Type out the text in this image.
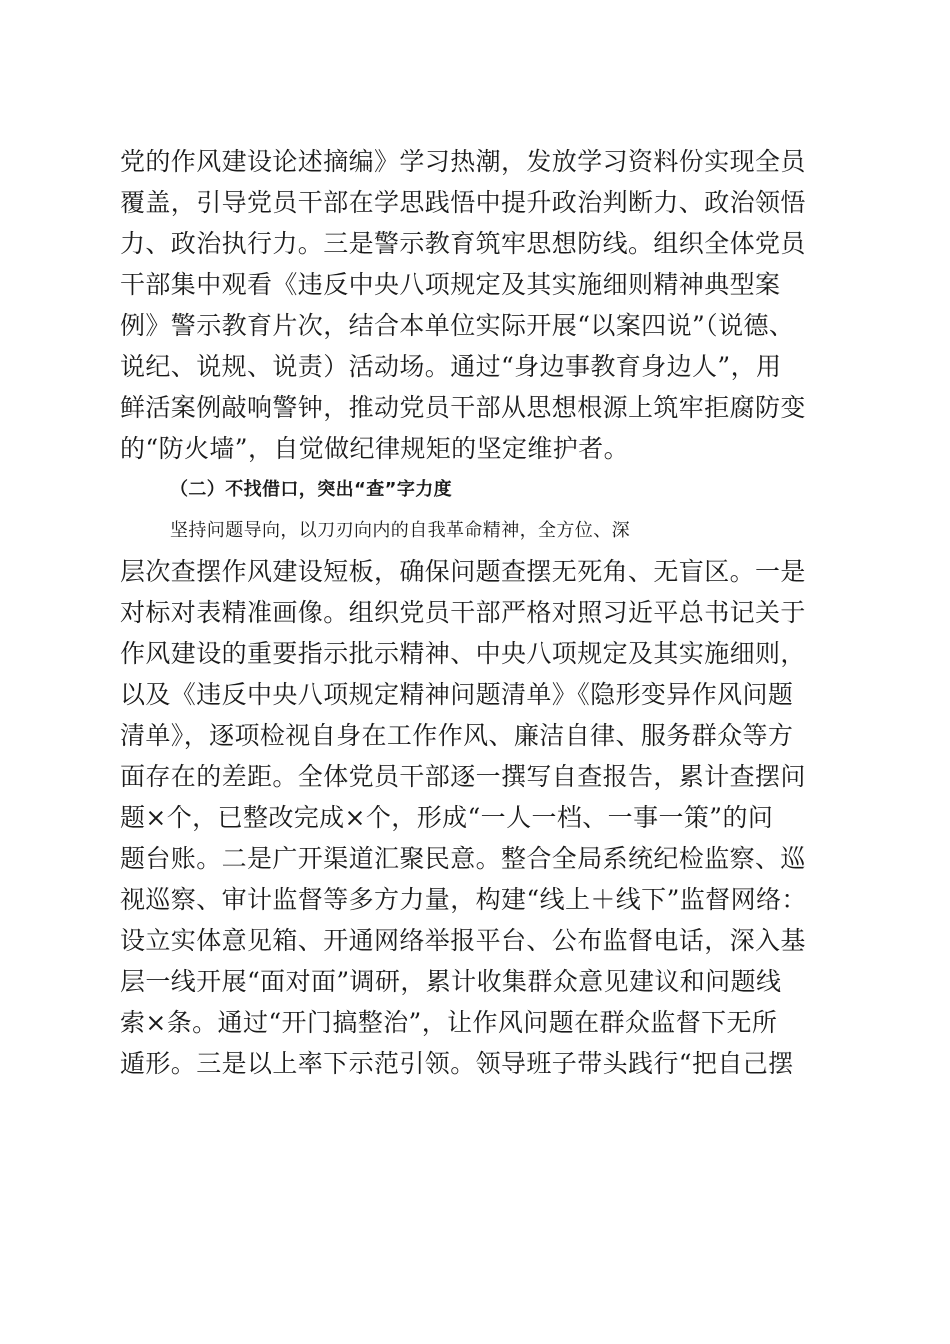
党的作风建设论述摘编》学习热潮，发放学习资料份实现全员
覆盖，引导党员干部在学思践悟中提升政治判断力、政治领悟
力、政治执行力。三是警示教育筑牢思想防线。组织全体党员
干部集中观看《违反中央八项规定及其实施细则精神典型案
例》警示教育片次，结合本单位实际开展“以案四说”（说德、
说纪、说规、说责）活动场。通过“身边事教育身边人”，用
鲜活案例敲响警钟，推动党员干部从思想根源上筑牢拒腐防变
的“防火墙”，自觉做纪律规矩的坚定维护者。
（二）不找借口，突出“查”字力度
坚持问题导向，以刀刃向内的自我革命精神，全方位、深
层次查摆作风建设短板，确保问题查摆无死角、无盲区。一是
对标对表精准画像。组织党员干部严格对照习近平总书记关于
作风建设的重要指示批示精神、中央八项规定及其实施细则，
以及《违反中央八项规定精神问题清单》《隐形变异作风问题
清单》，逐项检视自身在工作作风、廉洁自律、服务群众等方
面存在的差距。全体党员干部逐一撰写自查报告，累计查摆问
题×个，已整改完成×个，形成“一人一档、一事一策”的问
题台账。二是广开渠道汇聚民意。整合全局系统纪检监察、巡
视巡察、审计监督等多方力量，构建“线上＋线下”监督网络：
设立实体意见箱、开通网络举报平台、公布监督电话，深入基
层一线开展“面对面”调研，累计收集群众意见建议和问题线
索×条。通过“开门搞整治”，让作风问题在群众监督下无所
遁形。三是以上率下示范引领。领导班子带头践行“把自己摆
